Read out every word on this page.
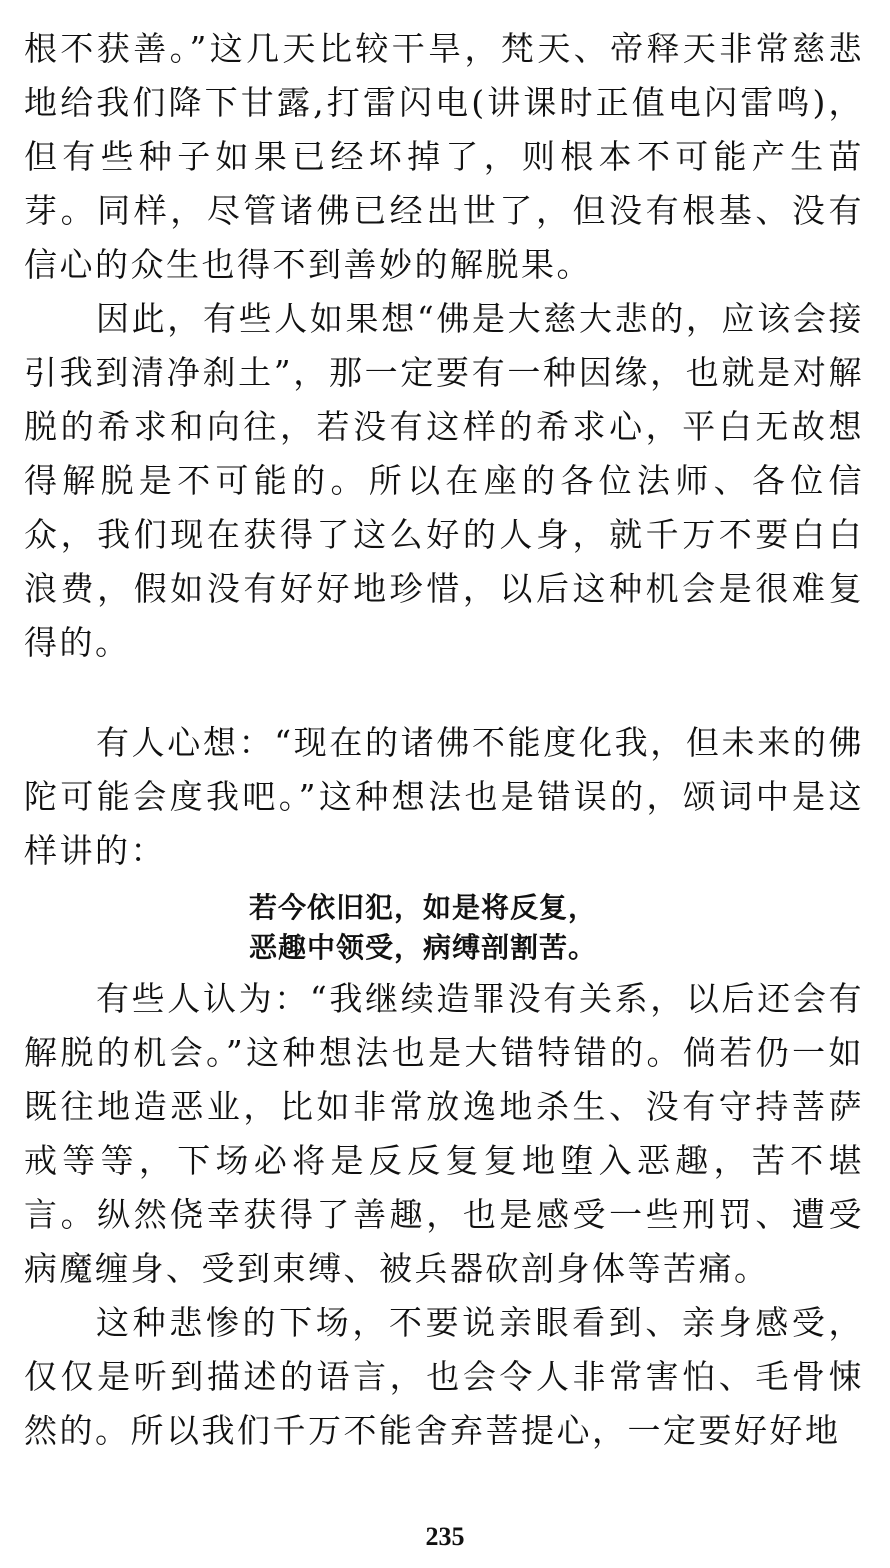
根不获善。”这几天比较干旱，梵天、帝释天非常慈悲地给我们降下甘露,打雷闪电(讲课时正值电闪雷鸣)，但有些种子如果已经坏掉了，则根本不可能产生苗芽。同样，尽管诸佛已经出世了，但没有根基、没有信心的众生也得不到善妙的解脱果。

因此，有些人如果想“佛是大慈大悲的，应该会接引我到清净刹土”，那一定要有一种因缘，也就是对解脱的希求和向往，若没有这样的希求心，平白无故想得解脱是不可能的。所以在座的各位法师、各位信众，我们现在获得了这么好的人身，就千万不要白白浪费，假如没有好好地珍惜，以后这种机会是很难复得的。

有人心想：“现在的诸佛不能度化我，但未来的佛陀可能会度我吧。”这种想法也是错误的，颂词中是这样讲的：

若今依旧犯，如是将反复，
恶趣中领受，病缚剖割苦。

有些人认为：“我继续造罪没有关系，以后还会有解脱的机会。”这种想法也是大错特错的。倘若仍一如既往地造恶业，比如非常放逸地杀生、没有守持菩萨戒等等，下场必将是反反复复地堕入恶趣，苦不堪言。纵然侥幸获得了善趣，也是感受一些刑罚、遭受病魔缠身、受到束缚、被兵器砍剖身体等苦痛。

这种悲惨的下场，不要说亲眼看到、亲身感受，仅仅是听到描述的语言，也会令人非常害怕、毛骨悚然的。所以我们千万不能舍弃菩提心，一定要好好地

235
